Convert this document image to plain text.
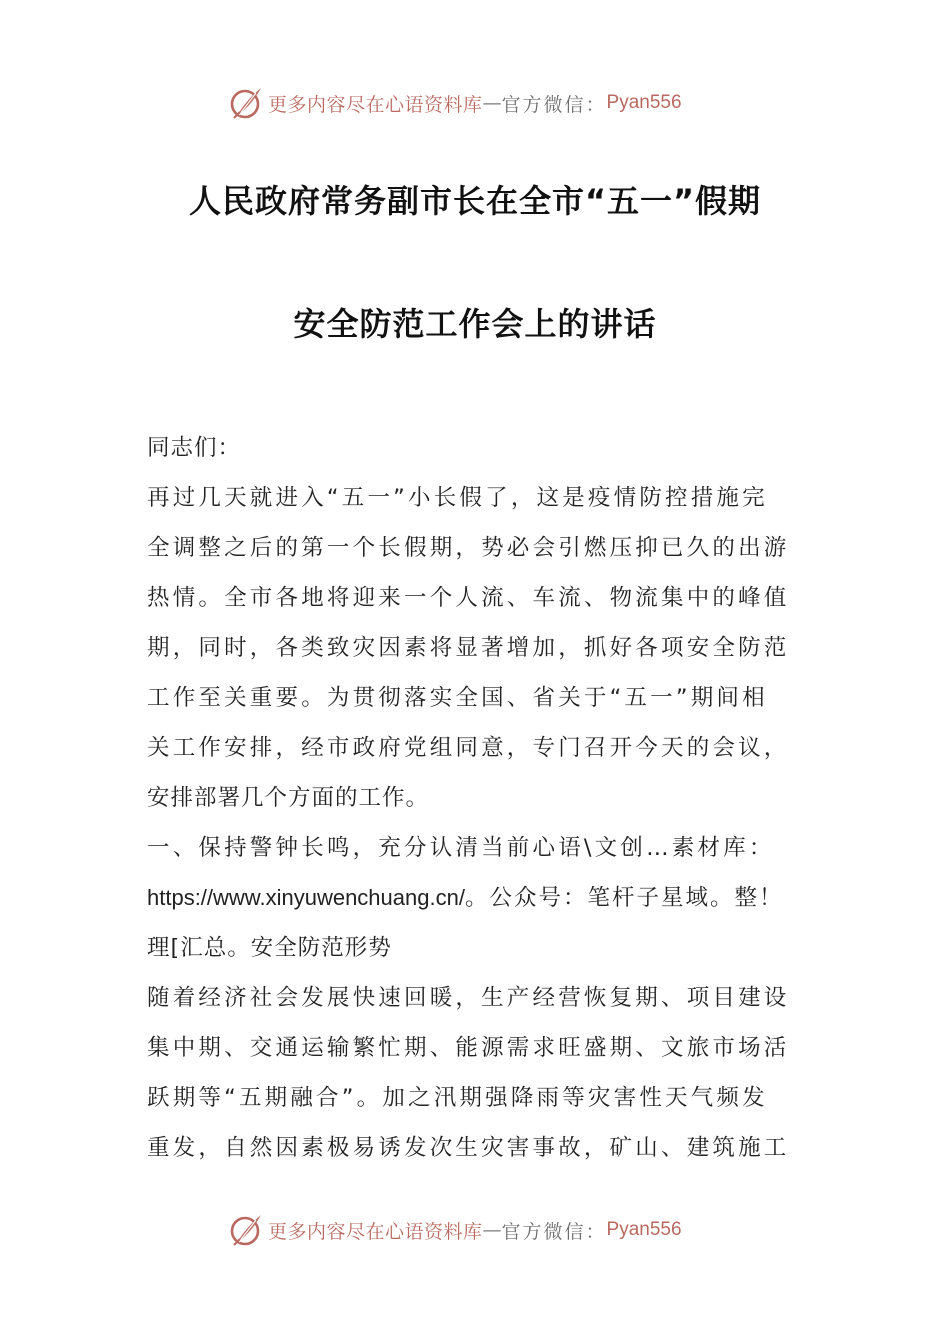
更多内容尽在心语资料库 — 官方微信： Pyan556
人民政府常务副市长在全市“五一”假期
安全防范工作会上的讲话
同志们：
再过几天就进入“五一”小长假了，这是疫情防控措施完
全调整之后的第一个长假期，势必会引燃压抑已久的出游
热情。全市各地将迎来一个人流、车流、物流集中的峰值
期，同时，各类致灾因素将显著增加，抓好各项安全防范
工作至关重要。为贯彻落实全国、省关于“五一”期间相
关工作安排，经市政府党组同意，专门召开今天的会议，
安排部署几个方面的工作。
一、保持警钟长鸣，充分认清当前心语\文创…素材库：
https://www.xinyuwenchuang.cn/。公众号：笔杆子星域。整！
理[汇总。安全防范形势
随着经济社会发展快速回暖，生产经营恢复期、项目建设
集中期、交通运输繁忙期、能源需求旺盛期、文旅市场活
跃期等“五期融合”。加之汛期强降雨等灾害性天气频发
重发，自然因素极易诱发次生灾害事故，矿山、建筑施工
更多内容尽在心语资料库 — 官方微信： Pyan556
